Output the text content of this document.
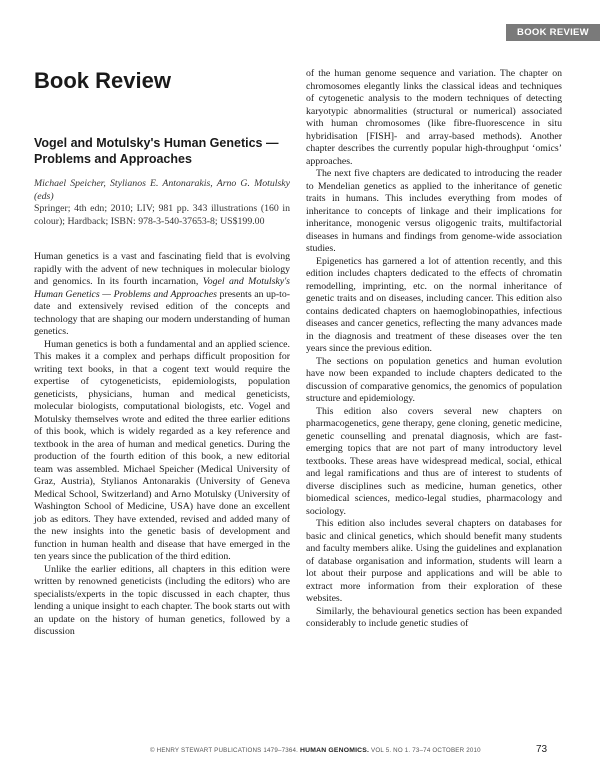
BOOK REVIEW
Book Review
Vogel and Motulsky's Human Genetics — Problems and Approaches

Michael Speicher, Stylianos E. Antonarakis, Arno G. Motulsky (eds)

Springer; 4th edn; 2010; LIV; 981 pp. 343 illustrations (160 in colour); Hardback; ISBN: 978-3-540-37653-8; US$199.00

Human genetics is a vast and fascinating field that is evolving rapidly with the advent of new techniques in molecular biology and genomics. In its fourth incarnation, Vogel and Motulsky's Human Genetics — Problems and Approaches presents an up-to-date and extensively revised edition of the concepts and technology that are shaping our modern understanding of human genetics.

Human genetics is both a fundamental and an applied science. This makes it a complex and perhaps difficult proposition for writing text books, in that a cogent text would require the expertise of cytogeneticists, epidemiologists, population geneticists, physicians, human and medical geneticists, molecular biologists, computational biologists, etc. Vogel and Motulsky themselves wrote and edited the three earlier editions of this book, which is widely regarded as a key reference and textbook in the area of human and medical genetics. During the production of the fourth edition of this book, a new editorial team was assembled. Michael Speicher (Medical University of Graz, Austria), Stylianos Antonarakis (University of Geneva Medical School, Switzerland) and Arno Motulsky (University of Washington School of Medicine, USA) have done an excellent job as editors. They have extended, revised and added many of the new insights into the genetic basis of development and function in human health and disease that have emerged in the ten years since the publication of the third edition.

Unlike the earlier editions, all chapters in this edition were written by renowned geneticists (including the editors) who are specialists/experts in the topic discussed in each chapter, thus lending a unique insight to each chapter. The book starts out with an update on the history of human genetics, followed by a discussion

of the human genome sequence and variation. The chapter on chromosomes elegantly links the classical ideas and techniques of cytogenetic analysis to the modern techniques of detecting karyotypic abnormalities (structural or numerical) associated with human chromosomes (like fibre-fluorescence in situ hybridisation [FISH]- and array-based methods). Another chapter describes the currently popular high-throughput ‘omics’ approaches.

The next five chapters are dedicated to introducing the reader to Mendelian genetics as applied to the inheritance of genetic traits in humans. This includes everything from modes of inheritance to concepts of linkage and their implications for inheritance, monogenic versus oligogenic traits, multifactorial diseases in humans and findings from genome-wide association studies.

Epigenetics has garnered a lot of attention recently, and this edition includes chapters dedicated to the effects of chromatin remodelling, imprinting, etc. on the normal inheritance of genetic traits and on diseases, including cancer. This edition also contains dedicated chapters on haemoglobinopathies, infectious diseases and cancer genetics, reflecting the many advances made in the diagnosis and treatment of these diseases over the ten years since the previous edition.

The sections on population genetics and human evolution have now been expanded to include chapters dedicated to the discussion of comparative genomics, the genomics of population structure and epidemiology.

This edition also covers several new chapters on pharmacogenetics, gene therapy, gene cloning, genetic medicine, genetic counselling and prenatal diagnosis, which are fast-emerging topics that are not part of many introductory level textbooks. These areas have widespread medical, social, ethical and legal ramifications and thus are of interest to students of diverse disciplines such as medicine, human genetics, other biomedical sciences, medico-legal studies, pharmacology and sociology.

This edition also includes several chapters on databases for basic and clinical genetics, which should benefit many students and faculty members alike. Using the guidelines and explanation of database organisation and information, students will learn a lot about their purpose and applications and will be able to extract more information from their exploration of these websites.

Similarly, the behavioural genetics section has been expanded considerably to include genetic studies of

© HENRY STEWART PUBLICATIONS 1479–7364. HUMAN GENOMICS. VOL 5. NO 1. 73–74 OCTOBER 2010	73
